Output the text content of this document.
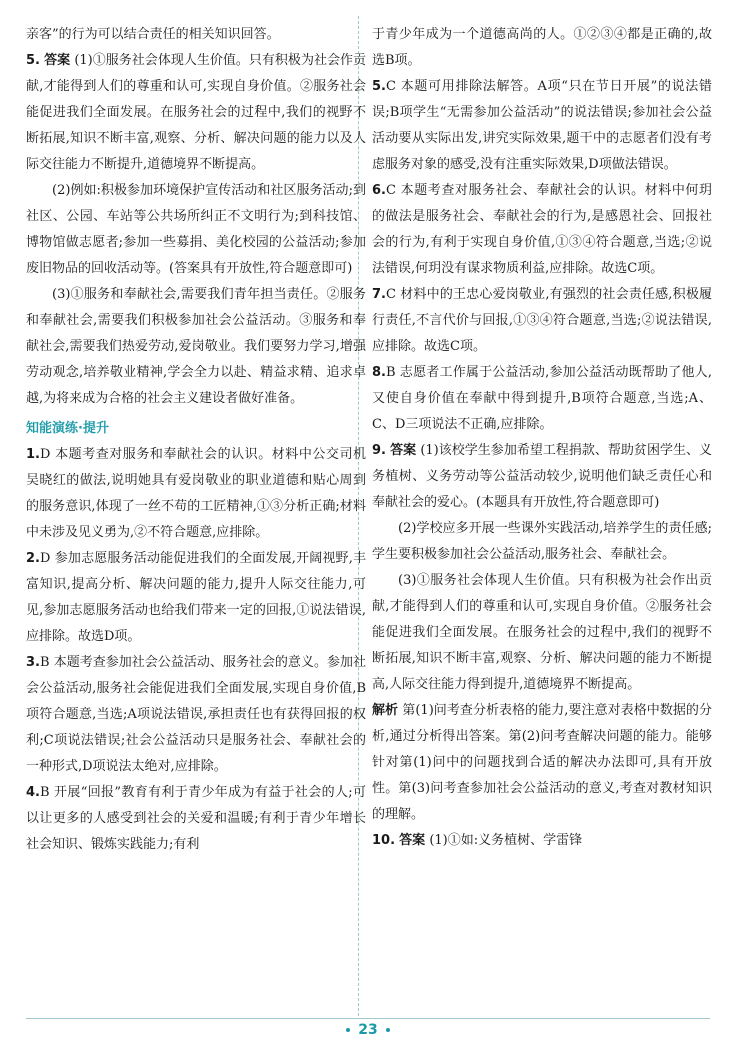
亲客”的行为可以结合责任的相关知识回答。

5. 答案 (1)①服务社会体现人生价值。只有积极为社会作贡献,才能得到人们的尊重和认可,实现自身价值。②服务社会能促进我们全面发展。在服务社会的过程中,我们的视野不断拓展,知识不断丰富,观察、分析、解决问题的能力以及人际交往能力不断提升,道德境界不断提高。

(2)例如:积极参加环境保护宣传活动和社区服务活动;到社区、公园、车站等公共场所纠正不文明行为;到科技馆、博物馆做志愿者;参加一些募捐、美化校园的公益活动;参加废旧物品的回收活动等。(答案具有开放性,符合题意即可)

(3)①服务和奉献社会,需要我们青年担当责任。②服务和奉献社会,需要我们积极参加社会公益活动。③服务和奉献社会,需要我们热爱劳动,爱岗敬业。我们要努力学习,增强劳动观念,培养敬业精神,学会全力以赴、精益求精、追求卓越,为将来成为合格的社会主义建设者做好准备。

知能演练·提升

1.D 本题考查对服务和奉献社会的认识。材料中公交司机吴晓红的做法,说明她具有爱岗敬业的职业道德和贴心周到的服务意识,体现了一丝不苟的工匠精神,①③分析正确;材料中未涉及见义勇为,②不符合题意,应排除。

2.D 参加志愿服务活动能促进我们的全面发展,开阔视野,丰富知识,提高分析、解决问题的能力,提升人际交往能力,可见,参加志愿服务活动也给我们带来一定的回报,①说法错误,应排除。故选D项。

3.B 本题考查参加社会公益活动、服务社会的意义。参加社会公益活动,服务社会能促进我们全面发展,实现自身价值,B项符合题意,当选;A项说法错误,承担责任也有获得回报的权利;C项说法错误;社会公益活动只是服务社会、奉献社会的一种形式,D项说法太绝对,应排除。

4.B 开展“回报”教育有利于青少年成为有益于社会的人;可以让更多的人感受到社会的关爱和温暖;有利于青少年增长社会知识、锻炼实践能力;有利

于青少年成为一个道德高尚的人。①②③④都是正确的,故选B项。

5.C 本题可用排除法解答。A项“只在节日开展”的说法错误;B项学生“无需参加公益活动”的说法错误;参加社会公益活动要从实际出发,讲究实际效果,题干中的志愿者们没有考虑服务对象的感受,没有注重实际效果,D项做法错误。

6.C 本题考查对服务社会、奉献社会的认识。材料中何玥的做法是服务社会、奉献社会的行为,是感恩社会、回报社会的行为,有利于实现自身价值,①③④符合题意,当选;②说法错误,何玥没有谋求物质利益,应排除。故选C项。

7.C 材料中的王忠心爱岗敬业,有强烈的社会责任感,积极履行责任,不言代价与回报,①③④符合题意,当选;②说法错误,应排除。故选C项。

8.B 志愿者工作属于公益活动,参加公益活动既帮助了他人,又使自身价值在奉献中得到提升,B项符合题意,当选;A、C、D三项说法不正确,应排除。

9. 答案 (1)该校学生参加希望工程捐款、帮助贫困学生、义务植树、义务劳动等公益活动较少,说明他们缺乏责任心和奉献社会的爱心。(本题具有开放性,符合题意即可)

(2)学校应多开展一些课外实践活动,培养学生的责任感;学生要积极参加社会公益活动,服务社会、奉献社会。

(3)①服务社会体现人生价值。只有积极为社会作出贡献,才能得到人们的尊重和认可,实现自身价值。②服务社会能促进我们全面发展。在服务社会的过程中,我们的视野不断拓展,知识不断丰富,观察、分析、解决问题的能力不断提高,人际交往能力得到提升,道德境界不断提高。

解析 第(1)问考查分析表格的能力,要注意对表格中数据的分析,通过分析得出答案。第(2)问考查解决问题的能力。能够针对第(1)问中的问题找到合适的解决办法即可,具有开放性。第(3)问考查参加社会公益活动的意义,考查对教材知识的理解。

10. 答案 (1)①如:义务植树、学雷锋

23
